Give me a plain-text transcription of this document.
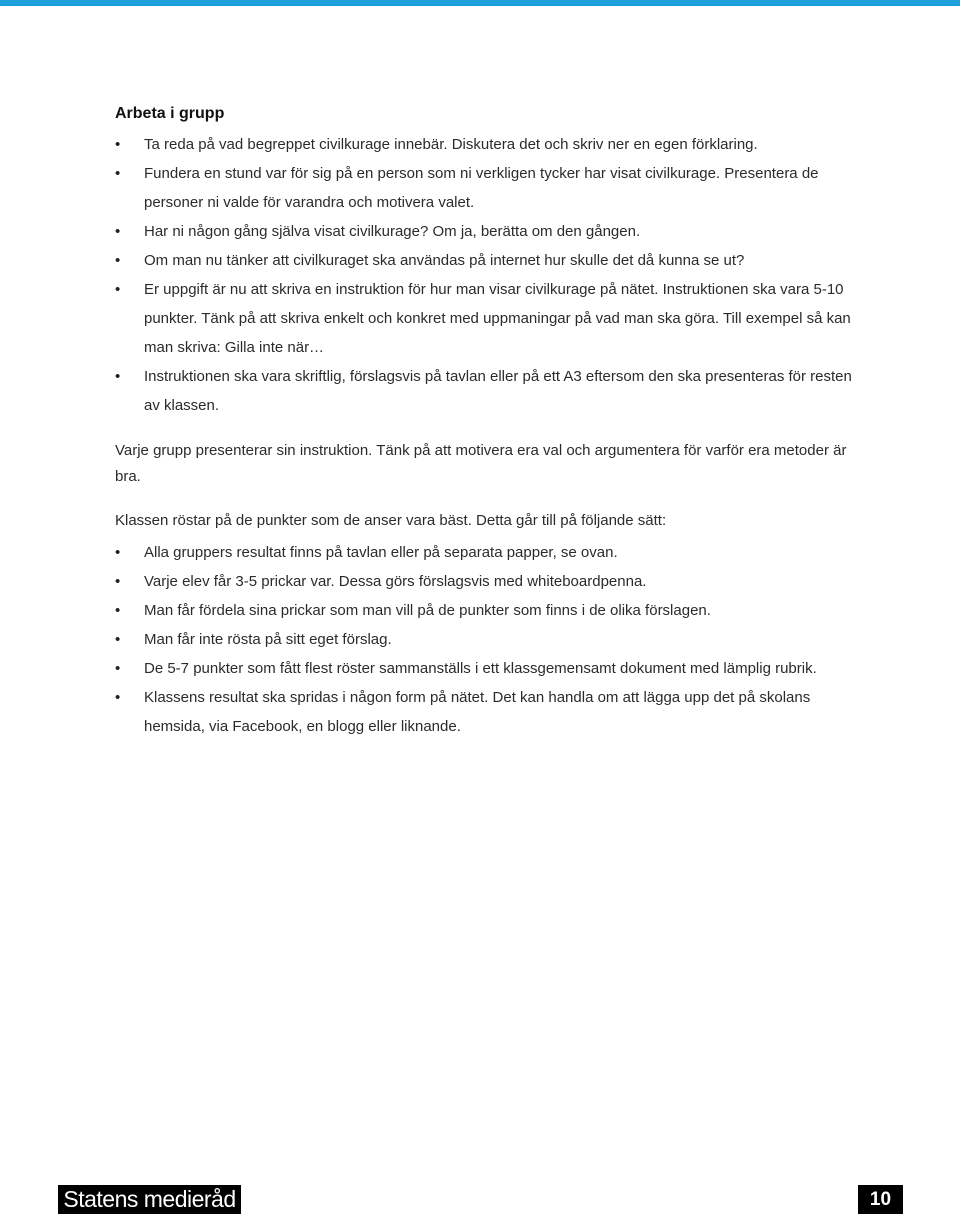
Arbeta i grupp
• Ta reda på vad begreppet civilkurage innebär. Diskutera det och skriv ner en egen förklaring.
• Fundera en stund var för sig på en person som ni verkligen tycker har visat civilkurage. Presentera de personer ni valde för varandra och motivera valet.
• Har ni någon gång själva visat civilkurage? Om ja, berätta om den gången.
• Om man nu tänker att civilkuraget ska användas på internet hur skulle det då kunna se ut?
• Er uppgift är nu att skriva en instruktion för hur man visar civilkurage på nätet. Instruktionen ska vara 5-10 punkter. Tänk på att skriva enkelt och konkret med uppmaningar på vad man ska göra. Till exempel så kan man skriva: Gilla inte när…
• Instruktionen ska vara skriftlig, förslagsvis på tavlan eller på ett A3 eftersom den ska presenteras för resten av klassen.

Varje grupp presenterar sin instruktion. Tänk på att motivera era val och argumentera för varför era metoder är bra.

Klassen röstar på de punkter som de anser vara bäst. Detta går till på följande sätt:

• Alla gruppers resultat finns på tavlan eller på separata papper, se ovan.
• Varje elev får 3-5 prickar var. Dessa görs förslagsvis med whiteboardpenna.
• Man får fördela sina prickar som man vill på de punkter som finns i de olika förslagen.
• Man får inte rösta på sitt eget förslag.
• De 5-7 punkter som fått flest röster sammanställs i ett klassgemensamt dokument med lämplig rubrik.
• Klassens resultat ska spridas i någon form på nätet. Det kan handla om att lägga upp det på skolans hemsida, via Facebook, en blogg eller liknande.
Statens medieråd	10
